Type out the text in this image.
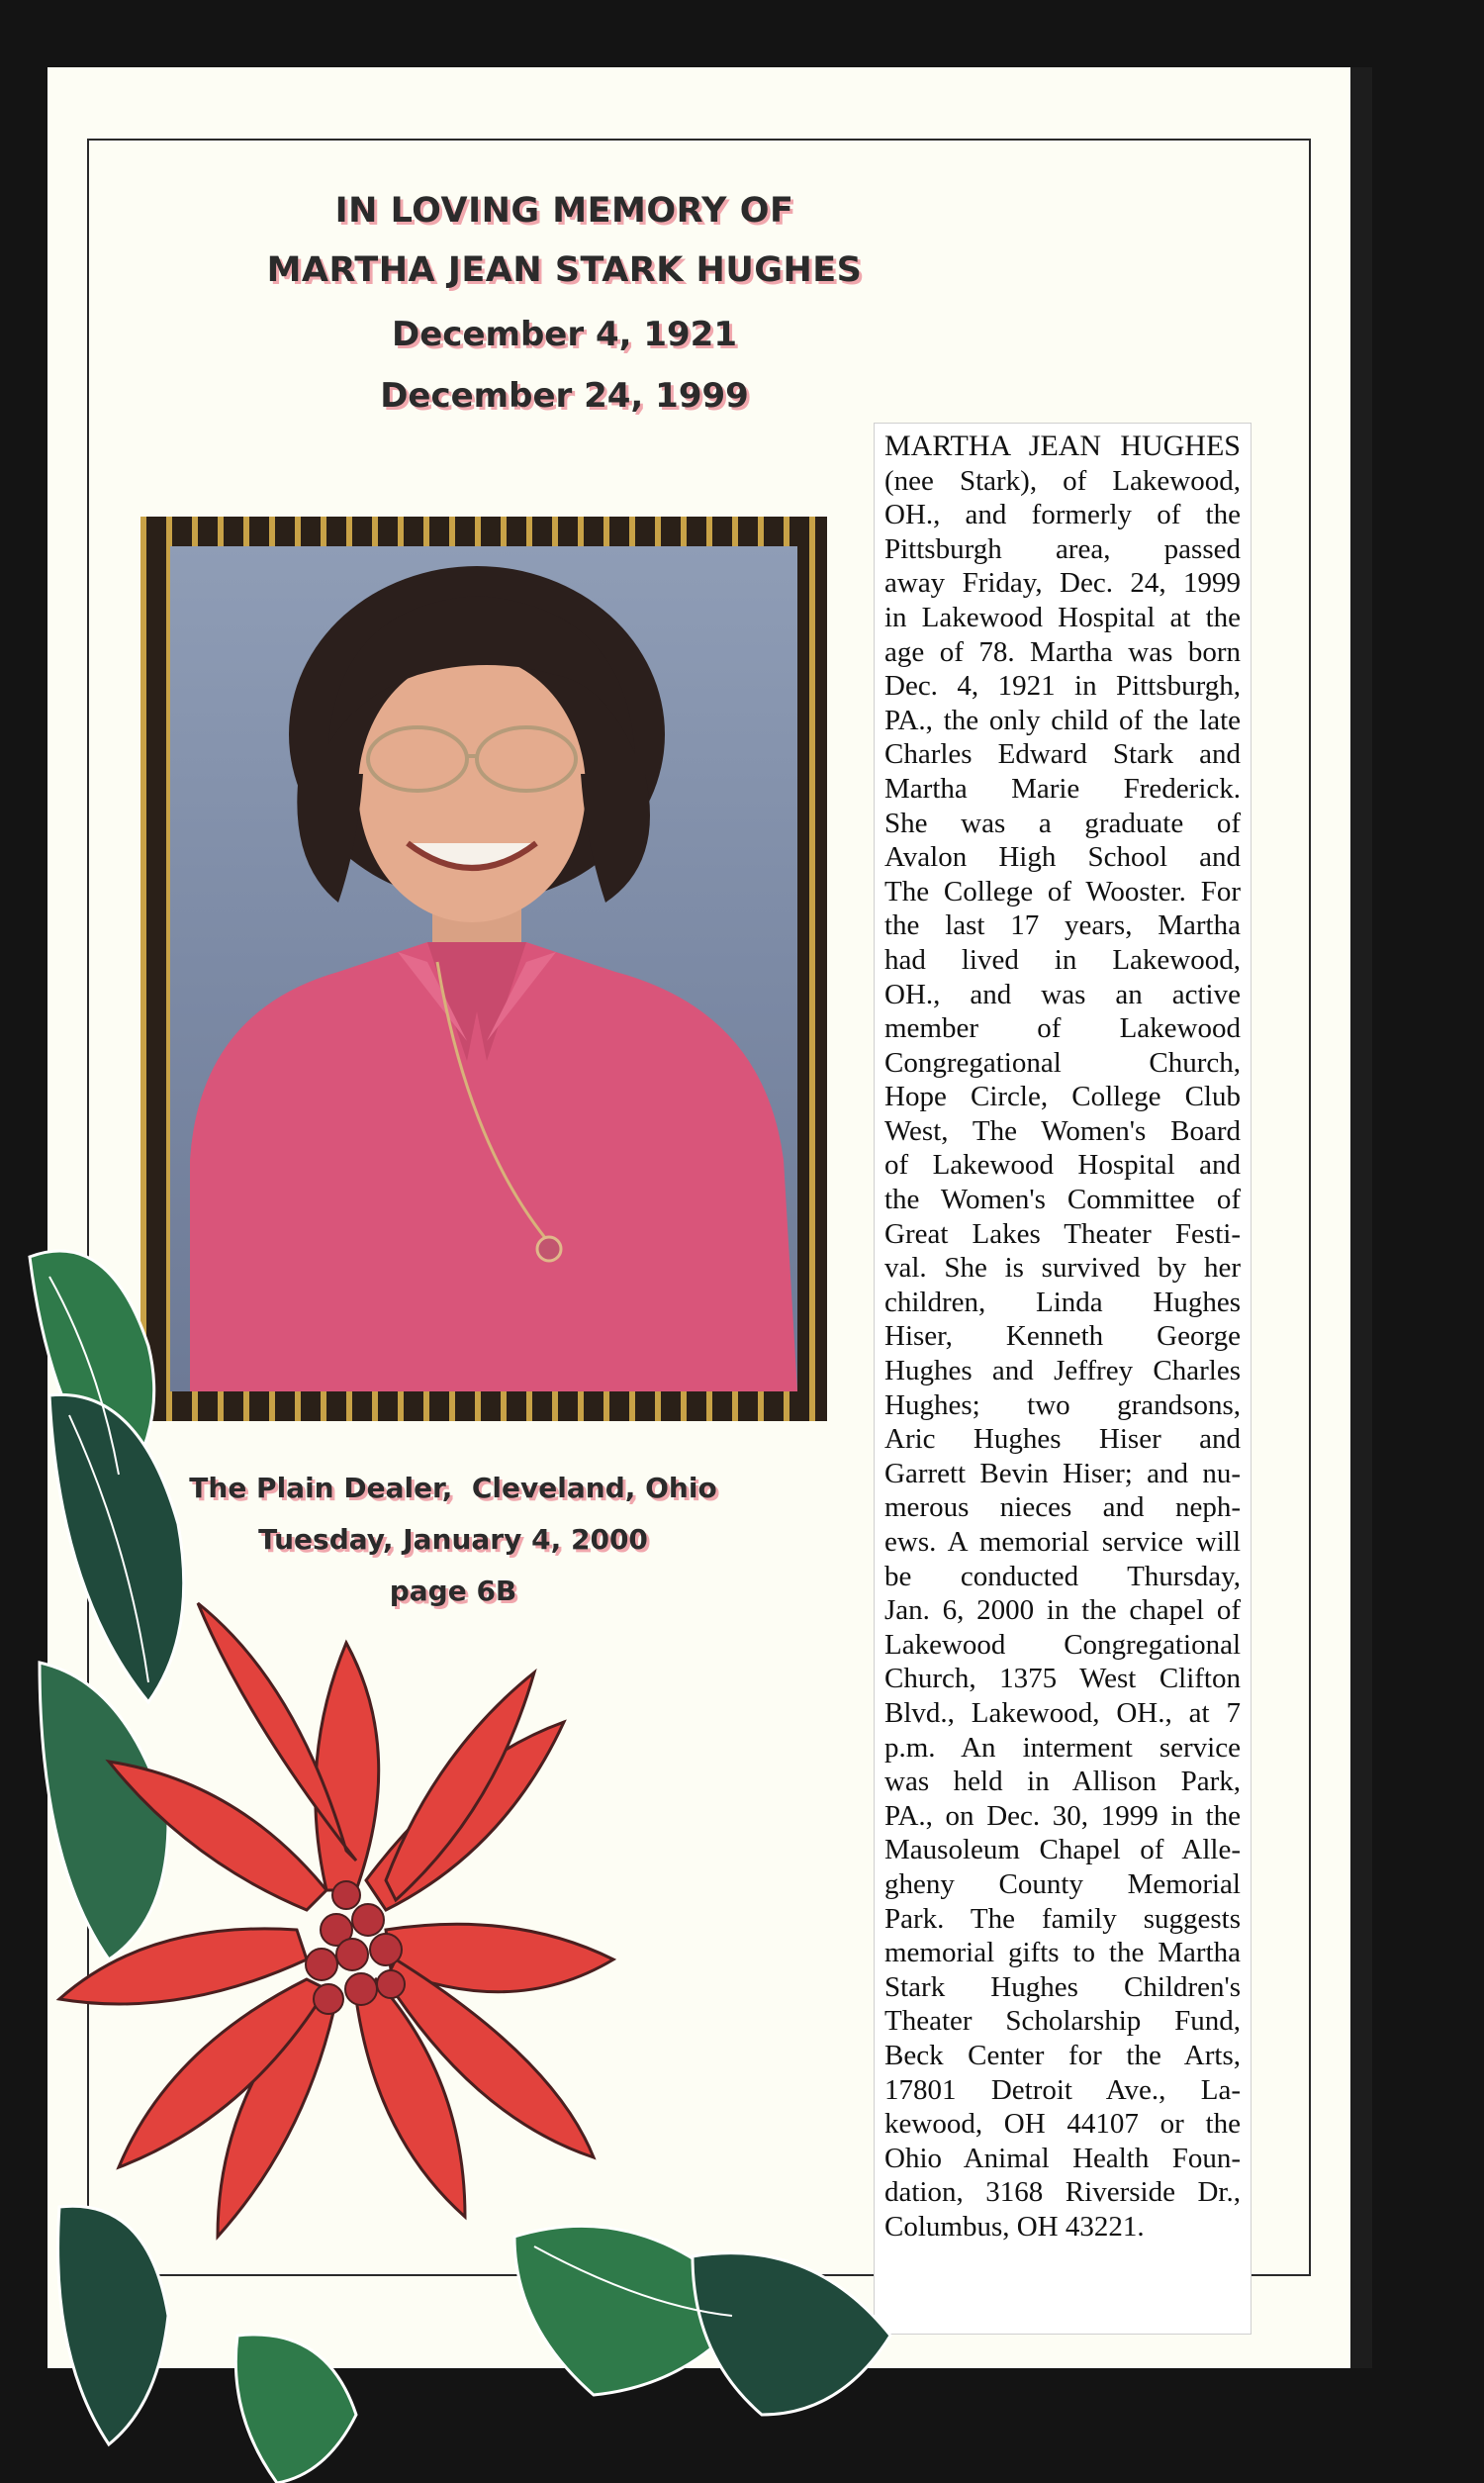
IN LOVING MEMORY OF
MARTHA JEAN STARK HUGHES
December 4, 1921
December 24, 1999
The Plain Dealer,  Cleveland, Ohio
Tuesday, January 4, 2000
page 6B
MARTHA JEAN HUGHES
(nee Stark), of Lakewood,
OH., and formerly of the
Pittsburgh area, passed
away Friday, Dec. 24, 1999
in Lakewood Hospital at the
age of 78. Martha was born
Dec. 4, 1921 in Pittsburgh,
PA., the only child of the late
Charles Edward Stark and
Martha Marie Frederick.
She was a graduate of
Avalon High School and
The College of Wooster. For
the last 17 years, Martha
had lived in Lakewood,
OH., and was an active
member of Lakewood
Congregational Church,
Hope Circle, College Club
West, The Women's Board
of Lakewood Hospital and
the Women's Committee of
Great Lakes Theater Festi-
val. She is survived by her
children, Linda Hughes
Hiser, Kenneth George
Hughes and Jeffrey Charles
Hughes; two grandsons,
Aric Hughes Hiser and
Garrett Bevin Hiser; and nu-
merous nieces and neph-
ews. A memorial service will
be conducted Thursday,
Jan. 6, 2000 in the chapel of
Lakewood Congregational
Church, 1375 West Clifton
Blvd., Lakewood, OH., at 7
p.m. An interment service
was held in Allison Park,
PA., on Dec. 30, 1999 in the
Mausoleum Chapel of Alle-
gheny County Memorial
Park. The family suggests
memorial gifts to the Martha
Stark Hughes Children's
Theater Scholarship Fund,
Beck Center for the Arts,
17801 Detroit Ave., La-
kewood, OH 44107 or the
Ohio Animal Health Foun-
dation, 3168 Riverside Dr.,
Columbus, OH 43221.
